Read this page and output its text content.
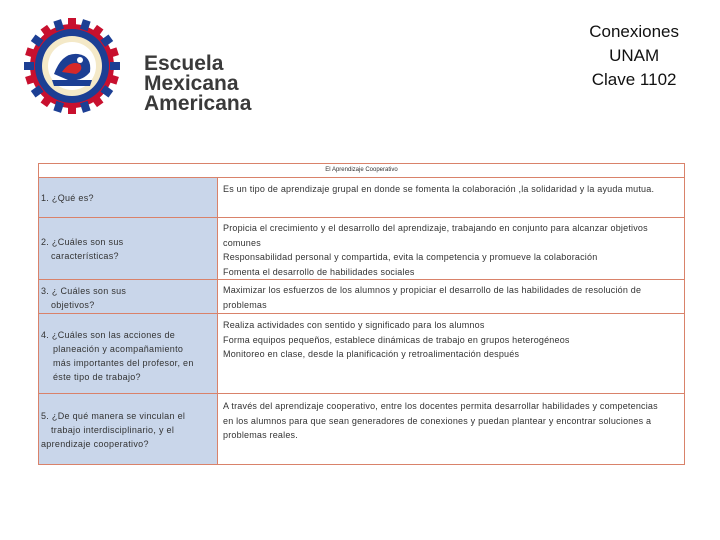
Escuela
Mexicana
Americana
Conexiones
UNAM
Clave 1102
El Aprendizaje Cooperativo
1. ¿Qué es?
Es un tipo de aprendizaje grupal en donde se fomenta la colaboración ,la solidaridad y la ayuda mutua.
2. ¿Cuáles son sus
características?
Propicia el crecimiento y el desarrollo del aprendizaje, trabajando en conjunto para alcanzar objetivos
comunes
Responsabilidad personal y compartida, evita la competencia y promueve la colaboración
Fomenta el desarrollo de habilidades sociales
3. ¿ Cuáles son sus
objetivos?
Maximizar los esfuerzos de los alumnos y propiciar el desarrollo de las habilidades de resolución de
problemas
4. ¿Cuáles son las acciones de
planeación y acompañamiento
más importantes del profesor, en
éste tipo de trabajo?
Realiza actividades con sentido y significado para los alumnos
Forma equipos pequeños, establece dinámicas de trabajo en grupos heterogéneos
Monitoreo en clase, desde la planificación y retroalimentación después
5. ¿De qué manera se vinculan el
trabajo interdisciplinario, y el
aprendizaje cooperativo?
A través del aprendizaje cooperativo, entre los docentes permita desarrollar habilidades y competencias
en los alumnos para que sean generadores de conexiones y puedan plantear y encontrar soluciones a
problemas reales.
